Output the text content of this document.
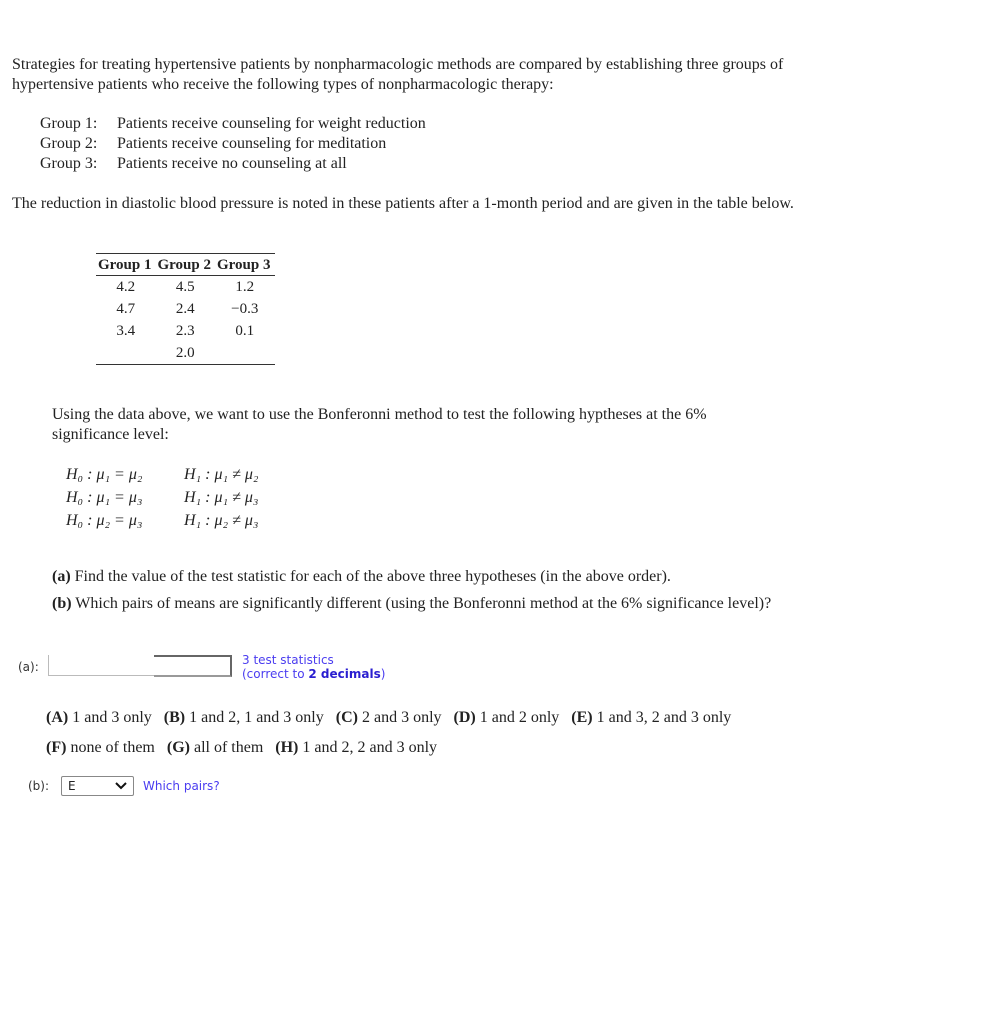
Strategies for treating hypertensive patients by nonpharmacologic methods are compared by establishing three groups of hypertensive patients who receive the following types of nonpharmacologic therapy:

Group 1: Patients receive counseling for weight reduction
Group 2: Patients receive counseling for meditation
Group 3: Patients receive no counseling at all

The reduction in diastolic blood pressure is noted in these patients after a 1-month period and are given in the table below.

Group 1	Group 2	Group 3
4.2	4.5	1.2
4.7	2.4	−0.3
3.4	2.3	0.1
	2.0	

Using the data above, we want to use the Bonferonni method to test the following hyptheses at the 6% significance level:

H₀ : μ₁ = μ₂	H₁ : μ₁ ≠ μ₂
H₀ : μ₁ = μ₃	H₁ : μ₁ ≠ μ₃
H₀ : μ₂ = μ₃	H₁ : μ₂ ≠ μ₃

(a) Find the value of the test statistic for each of the above three hypotheses (in the above order).

(b) Which pairs of means are significantly different (using the Bonferonni method at the 6% significance level)?

(a):	3 test statistics
(correct to 2 decimals)
(A) 1 and 3 only (B) 1 and 2, 1 and 3 only (C) 2 and 3 only (D) 1 and 2 only (E) 1 and 3, 2 and 3 only
(F) none of them (G) all of them (H) 1 and 2, 2 and 3 only
(b): E	Which pairs?
